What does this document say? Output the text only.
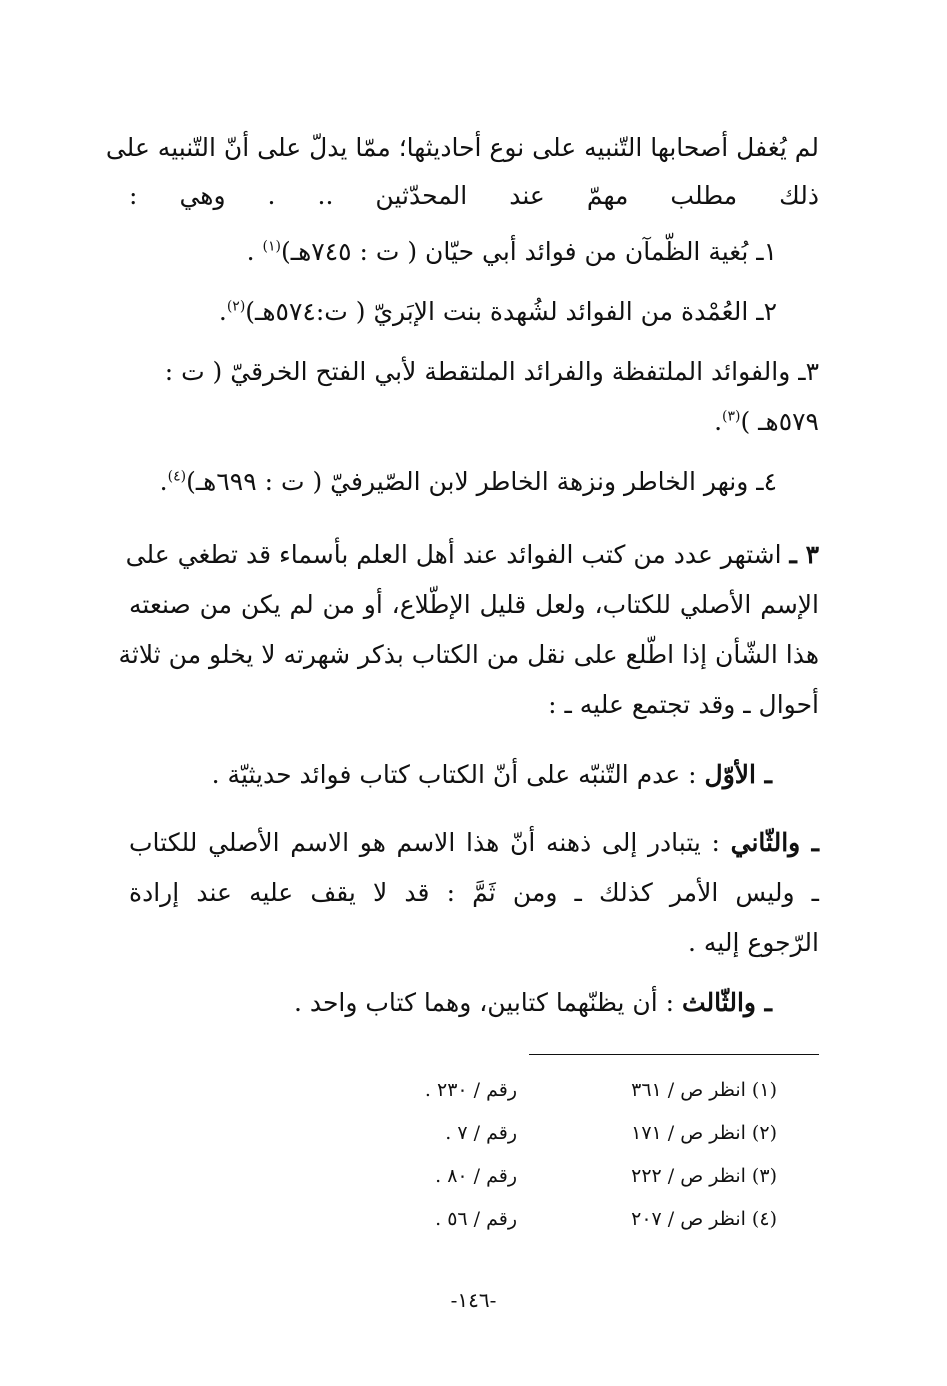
لم يُغفل أصحابها التّنبيه على نوع أحاديثها؛ ممّا يدلّ على أنّ التّنبيه على
ذلك مطلب مهمّ عند المحدّثين .. . وهي :
١ـ بُغية الظّمآن من فوائد أبي حيّان ( ت : ٧٤٥هـ)$^{(١)}$ .
٢ـ العُمْدة من الفوائد لشُهدة بنت الإبَريّ ( ت:٥٧٤هـ)$^{(٢)}$.
٣ـ والفوائد الملتفظة والفرائد الملتقطة لأبي الفتح الخرقيّ ( ت :
٥٧٩هـ )$^{(٣)}$.
٤ـ ونهر الخاطر ونزهة الخاطر لابن الصّيرفيّ ( ت : ٦٩٩هـ)$^{(٤)}$.
٣ ـ اشتهر عدد من كتب الفوائد عند أهل العلم بأسماء قد تطغي على
الإسم الأصلي للكتاب، ولعل قليل الإطّلاع، أو من لم يكن من صنعته
هذا الشّأن إذا اطّلع على نقل من الكتاب بذكر شهرته لا يخلو من ثلاثة
أحوال ـ وقد تجتمع عليه ـ :
ـ الأوّل : عدم التّنبّه على أنّ الكتاب كتاب فوائد حديثيّة .
ـ والثّاني : يتبادر إلى ذهنه أنّ هذا الاسم هو الاسم الأصلي للكتاب
ـ وليس الأمر كذلك ـ ومن ثَمَّ : قد لا يقف عليه عند إرادة
الرّجوع إليه .
ـ والثّالث : أن يظنّهما كتابين، وهما كتاب واحد .
(١) انظر ص / ٣٦١
رقم / ٢٣٠ .
(٢) انظر ص / ١٧١
رقم / ٧ .
(٣) انظر ص / ٢٢٢
رقم / ٨٠ .
(٤) انظر ص / ٢٠٧
رقم / ٥٦ .
-١٤٦-
